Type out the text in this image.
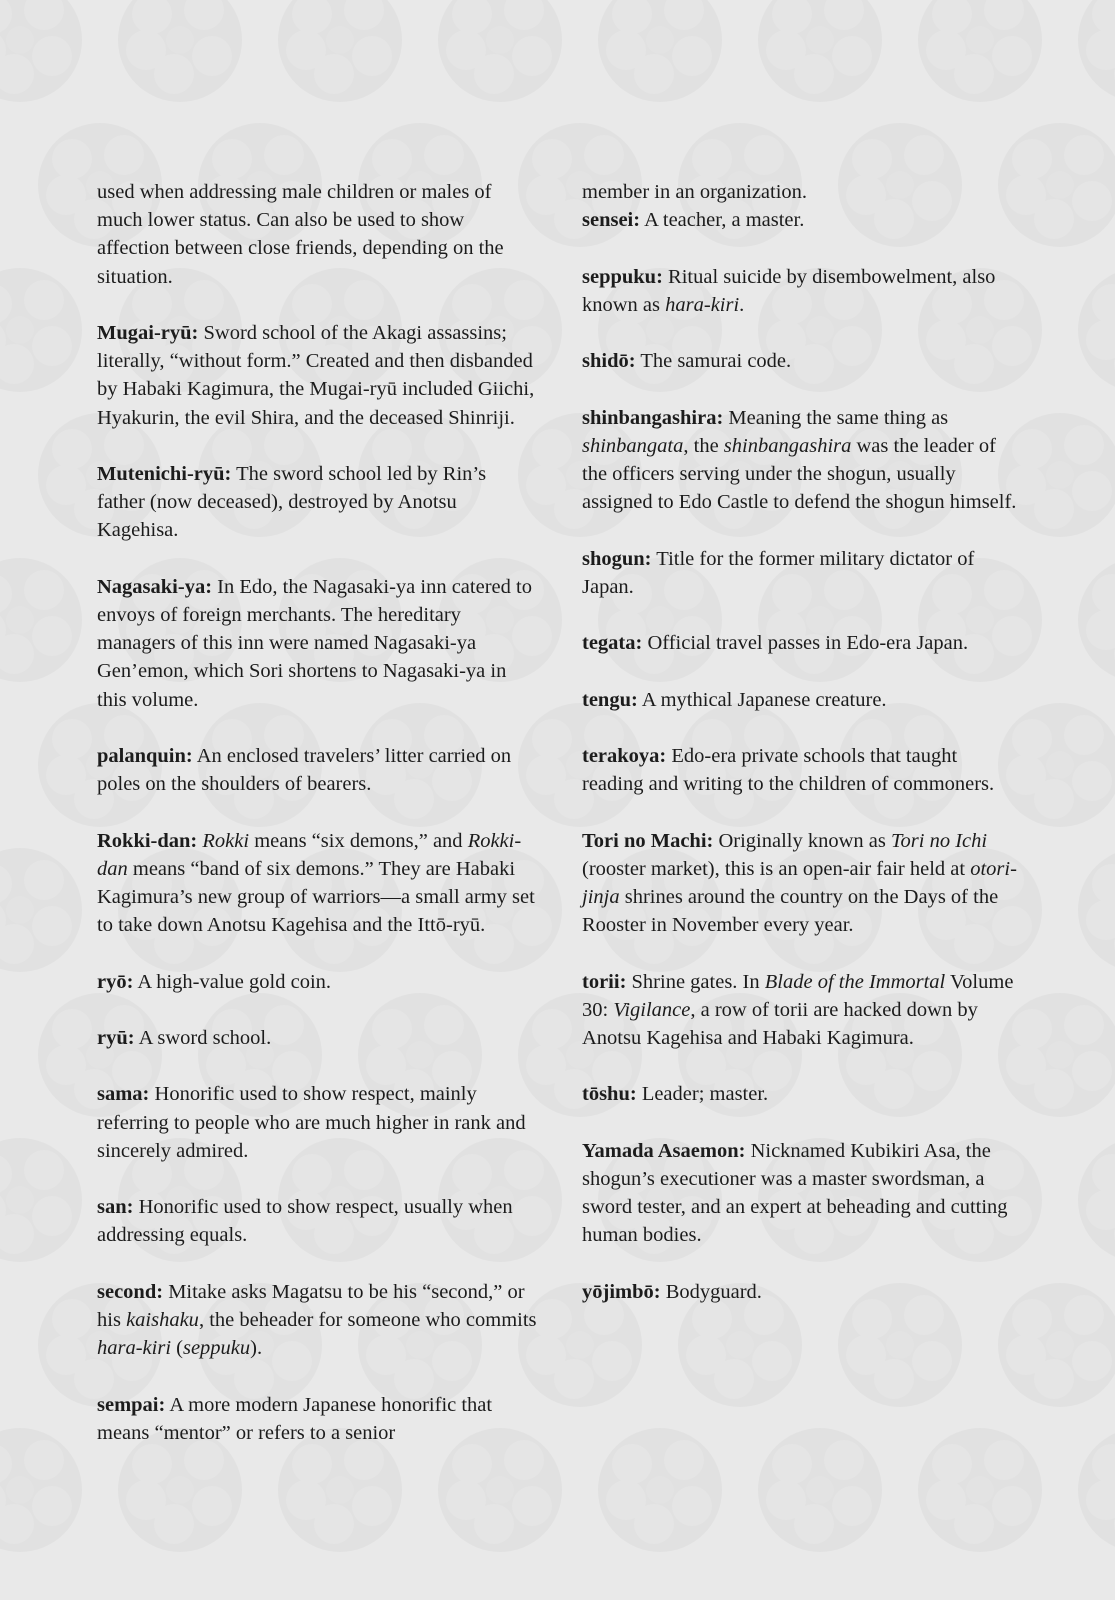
used when addressing male children or males of much lower status. Can also be used to show affection between close friends, depending on the situation.

Mugai-ryū: Sword school of the Akagi assassins; literally, “without form.” Created and then disbanded by Habaki Kagimura, the Mugai-ryū included Giichi, Hyakurin, the evil Shira, and the deceased Shinriji.

Mutenichi-ryū: The sword school led by Rin’s father (now deceased), destroyed by Anotsu Kagehisa.

Nagasaki-ya: In Edo, the Nagasaki-ya inn catered to envoys of foreign merchants. The hereditary managers of this inn were named Nagasaki-ya Gen’emon, which Sori shortens to Nagasaki-ya in this volume.

palanquin: An enclosed travelers’ litter carried on poles on the shoulders of bearers.

Rokki-dan: Rokki means “six demons,” and Rokki-dan means “band of six demons.” They are Habaki Kagimura’s new group of warriors—a small army set to take down Anotsu Kagehisa and the Ittō-ryū.

ryō: A high-value gold coin.

ryū: A sword school.

sama: Honorific used to show respect, mainly referring to people who are much higher in rank and sincerely admired.

san: Honorific used to show respect, usually when addressing equals.

second: Mitake asks Magatsu to be his “second,” or his kaishaku, the beheader for someone who commits hara-kiri (seppuku).

sempai: A more modern Japanese honorific that means “mentor” or refers to a senior

member in an organization.

sensei: A teacher, a master.

seppuku: Ritual suicide by disembowelment, also known as hara-kiri.

shidō: The samurai code.

shinbangashira: Meaning the same thing as shinbangata, the shinbangashira was the leader of the officers serving under the shogun, usually assigned to Edo Castle to defend the shogun himself.

shogun: Title for the former military dictator of Japan.

tegata: Official travel passes in Edo-era Japan.

tengu: A mythical Japanese creature.

terakoya: Edo-era private schools that taught reading and writing to the children of commoners.

Tori no Machi: Originally known as Tori no Ichi (rooster market), this is an open-air fair held at otori-jinja shrines around the country on the Days of the Rooster in November every year.

torii: Shrine gates. In Blade of the Immortal Volume 30: Vigilance, a row of torii are hacked down by Anotsu Kagehisa and Habaki Kagimura.

tōshu: Leader; master.

Yamada Asaemon: Nicknamed Kubikiri Asa, the shogun’s executioner was a master swordsman, a sword tester, and an expert at beheading and cutting human bodies.

yōjimbō: Bodyguard.
